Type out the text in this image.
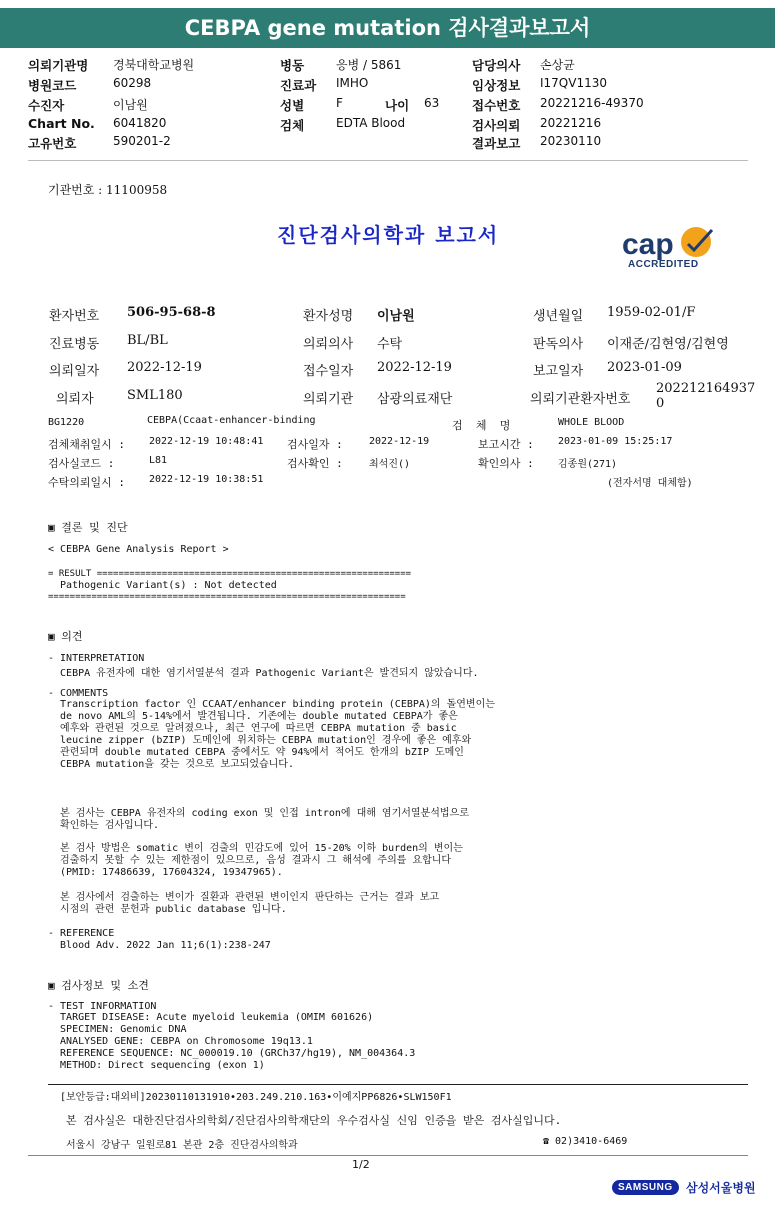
CEBPA gene mutation 검사결과보고서
의뢰기관명 경북대학교병원	병동	응병 / 5861	담당의사 손상균
병원코드	60298	진료과 IMHO	임상정보 I17QV1130
수진자	이남원	성별	F	나이 63	접수번호 20221216-49370
Chart No. 6041820	검체	EDTA Blood	검사의뢰 20221216
고유번호	590201-2	결과보고 20230110
기관번호 : 11100958
진단검사의학과 보고서	cap
ACCREDITED
환자번호 506-95-68-8	환자성명 이남원	생년월일 1959-02-01/F
진료병동 BL/BL	의뢰의사 수탁	판독의사 이재준/김현영/김현영
의뢰일자 2022-12-19	접수일자 2022-12-19	보고일자 2023-01-09
의뢰자	SML180	의뢰기관 삼광의료재단	의뢰기관환자번호
202212164937
0
BG1220	CEBPA(Ccaat-enhancer-binding	검  체  명	WHOLE BLOOD
검체채취일시 : 2022-12-19 10:48:41 검사일자 :	2022-12-19	보고시간 : 2023-01-09 15:25:17
검사실코드 :	L81	검사확인 :	최석진()	확인의사 : 김종원(271)
수탁의뢰일시 : 2022-12-19 10:38:51	(전자서명 대체함)
▣ 결론 및 진단
< CEBPA Gene Analysis Report >
= RESULT ==========================================================
Pathogenic Variant(s) : Not detected
==================================================================
▣ 의견
- INTERPRETATION
CEBPA 유전자에 대한 염기서열분석 결과 Pathogenic Variant은 발견되지 않았습니다.
- COMMENTS
Transcription factor 인 CCAAT/enhancer binding protein (CEBPA)의 돌연변이는
de novo AML의 5-14%에서 발견됩니다. 기존에는 double mutated CEBPA가 좋은
예후와 관련된 것으로 알려졌으나, 최근 연구에 따르면 CEBPA mutation 중 basic
leucine zipper (bZIP) 도메인에 위치하는 CEBPA mutation인 경우에 좋은 예후와
관련되며 double mutated CEBPA 중에서도 약 94%에서 적어도 한개의 bZIP 도메인
CEBPA mutation을 갖는 것으로 보고되었습니다.
본 검사는 CEBPA 유전자의 coding exon 및 인접 intron에 대해 염기서열분석법으로
확인하는 검사입니다.
본 검사 방법은 somatic 변이 검출의 민감도에 있어 15-20% 이하 burden의 변이는
검출하지 못할 수 있는 제한점이 있으므로, 음성 결과시 그 해석에 주의를 요합니다
(PMID: 17486639, 17604324, 19347965).
본 검사에서 검출하는 변이가 질환과 관련된 변이인지 판단하는 근거는 결과 보고
시점의 관련 문헌과 public database 입니다.
- REFERENCE
Blood Adv. 2022 Jan 11;6(1):238-247
▣ 검사정보 및 소견
- TEST INFORMATION
TARGET DISEASE: Acute myeloid leukemia (OMIM 601626)
SPECIMEN: Genomic DNA
ANALYSED GENE: CEBPA on Chromosome 19q13.1
REFERENCE SEQUENCE: NC_000019.10 (GRCh37/hg19), NM_004364.3
METHOD: Direct sequencing (exon 1)
[보안등급:대외비]20230110131910•203.249.210.163•이예지PP6826•SLW150F1
본 검사실은 대한진단검사의학회/진단검사의학재단의 우수검사실 신임 인증을 받은 검사실입니다.
서울시 강남구 일원로81 본관 2층 진단검사의학과	☎ 02)3410-6469
1/2
SAMSUNG	삼성서울병원
